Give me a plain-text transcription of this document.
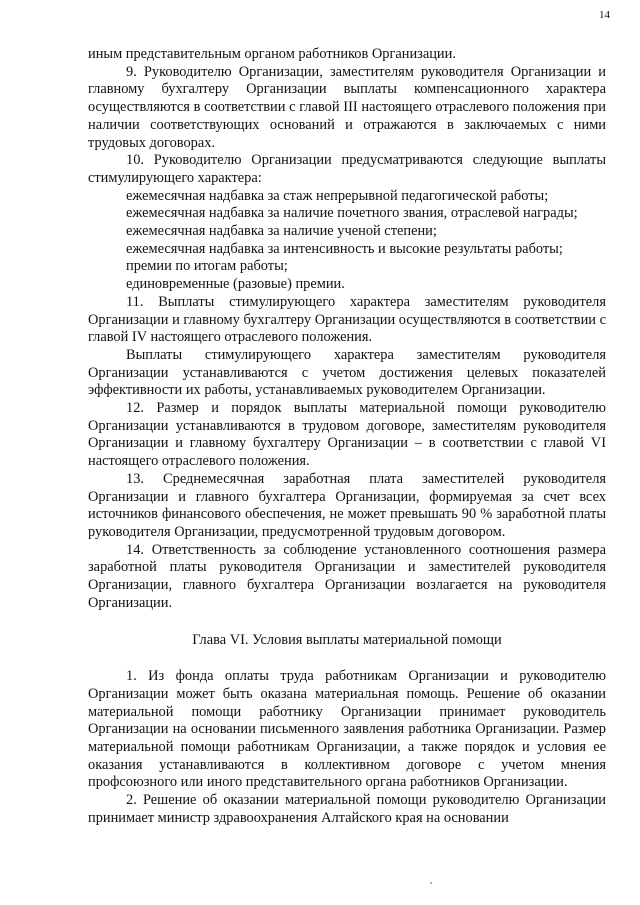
14

иным представительным органом работников Организации.

9. Руководителю Организации, заместителям руководителя Организации и главному бухгалтеру Организации выплаты компенсационного характера осуществляются в соответствии с главой III настоящего отраслевого положения при наличии соответствующих оснований и отражаются в заключаемых с ними трудовых договорах.

10. Руководителю Организации предусматриваются следующие выплаты стимулирующего характера:

ежемесячная надбавка за стаж непрерывной педагогической работы;

ежемесячная надбавка за наличие почетного звания, отраслевой награды;

ежемесячная надбавка за наличие ученой степени;

ежемесячная надбавка за интенсивность и высокие результаты работы;

премии по итогам работы;

единовременные (разовые) премии.

11. Выплаты стимулирующего характера заместителям руководителя Организации и главному бухгалтеру Организации осуществляются в соответствии с главой IV настоящего отраслевого положения.

Выплаты стимулирующего характера заместителям руководителя Организации устанавливаются с учетом достижения целевых показателей эффективности их работы, устанавливаемых руководителем Организации.

12. Размер и порядок выплаты материальной помощи руководителю Организации устанавливаются в трудовом договоре, заместителям руководителя Организации и главному бухгалтеру Организации – в соответствии с главой VI настоящего отраслевого положения.

13. Среднемесячная заработная плата заместителей руководителя Организации и главного бухгалтера Организации, формируемая за счет всех источников финансового обеспечения, не может превышать 90 % заработной платы руководителя Организации, предусмотренной трудовым договором.

14. Ответственность за соблюдение установленного соотношения размера заработной платы руководителя Организации и заместителей руководителя Организации, главного бухгалтера Организации возлагается на руководителя Организации.

Глава VI. Условия выплаты материальной помощи

1. Из фонда оплаты труда работникам Организации и руководителю Организации может быть оказана материальная помощь. Решение об оказании материальной помощи работнику Организации принимает руководитель Организации на основании письменного заявления работника Организации. Размер материальной помощи работникам Организации, а также порядок и условия ее оказания устанавливаются в коллективном договоре с учетом мнения профсоюзного или иного представительного органа работников Организации.

2. Решение об оказании материальной помощи руководителю Организации принимает министр здравоохранения Алтайского края на основании
